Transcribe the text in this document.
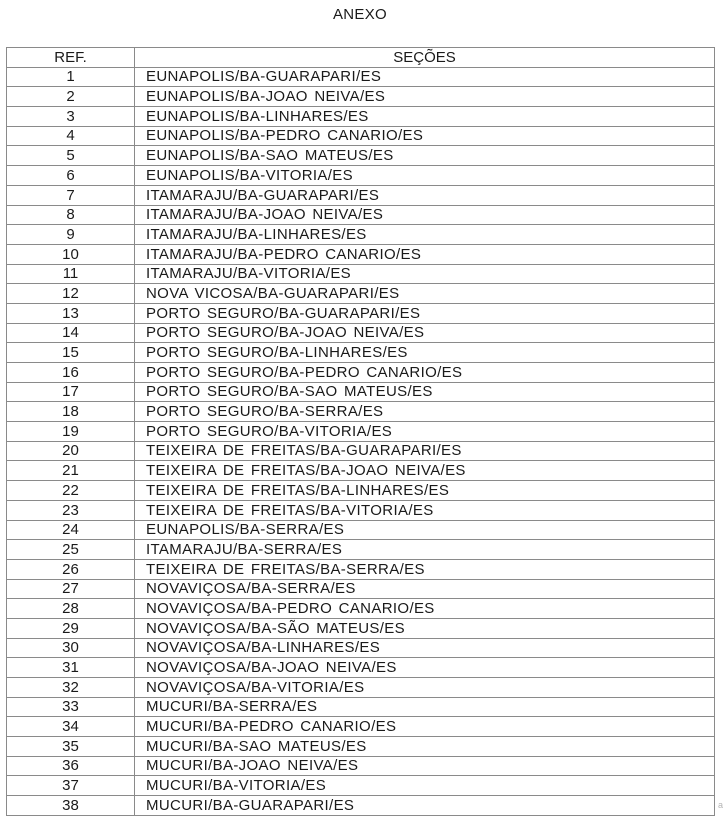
ANEXO
REF.	SEÇÕES
1	EUNAPOLIS/BA-GUARAPARI/ES
2	EUNAPOLIS/BA-JOAO NEIVA/ES
3	EUNAPOLIS/BA-LINHARES/ES
4	EUNAPOLIS/BA-PEDRO CANARIO/ES
5	EUNAPOLIS/BA-SAO MATEUS/ES
6	EUNAPOLIS/BA-VITORIA/ES
7	ITAMARAJU/BA-GUARAPARI/ES
8	ITAMARAJU/BA-JOAO NEIVA/ES
9	ITAMARAJU/BA-LINHARES/ES
10	ITAMARAJU/BA-PEDRO CANARIO/ES
11	ITAMARAJU/BA-VITORIA/ES
12	NOVA VICOSA/BA-GUARAPARI/ES
13	PORTO SEGURO/BA-GUARAPARI/ES
14	PORTO SEGURO/BA-JOAO NEIVA/ES
15	PORTO SEGURO/BA-LINHARES/ES
16	PORTO SEGURO/BA-PEDRO CANARIO/ES
17	PORTO SEGURO/BA-SAO MATEUS/ES
18	PORTO SEGURO/BA-SERRA/ES
19	PORTO SEGURO/BA-VITORIA/ES
20	TEIXEIRA DE FREITAS/BA-GUARAPARI/ES
21	TEIXEIRA DE FREITAS/BA-JOAO NEIVA/ES
22	TEIXEIRA DE FREITAS/BA-LINHARES/ES
23	TEIXEIRA DE FREITAS/BA-VITORIA/ES
24	EUNAPOLIS/BA-SERRA/ES
25	ITAMARAJU/BA-SERRA/ES
26	TEIXEIRA DE FREITAS/BA-SERRA/ES
27	NOVAVIÇOSA/BA-SERRA/ES
28	NOVAVIÇOSA/BA-PEDRO CANARIO/ES
29	NOVAVIÇOSA/BA-SÃO MATEUS/ES
30	NOVAVIÇOSA/BA-LINHARES/ES
31	NOVAVIÇOSA/BA-JOAO NEIVA/ES
32	NOVAVIÇOSA/BA-VITORIA/ES
33	MUCURI/BA-SERRA/ES
34	MUCURI/BA-PEDRO CANARIO/ES
35	MUCURI/BA-SAO MATEUS/ES
36	MUCURI/BA-JOAO NEIVA/ES
37	MUCURI/BA-VITORIA/ES
38	MUCURI/BA-GUARAPARI/ES	a
